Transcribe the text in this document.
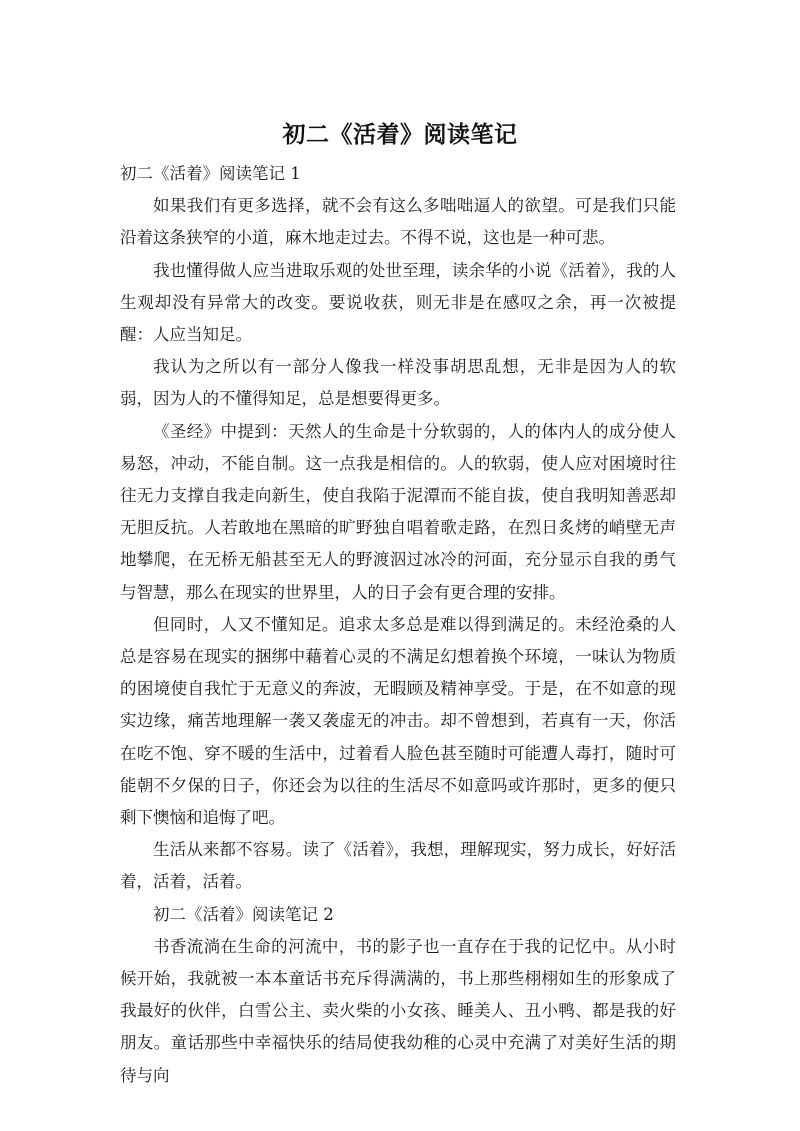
初二《活着》阅读笔记

初二《活着》阅读笔记 1

如果我们有更多选择，就不会有这么多咄咄逼人的欲望。可是我们只能沿着这条狭窄的小道，麻木地走过去。不得不说，这也是一种可悲。

我也懂得做人应当进取乐观的处世至理，读余华的小说《活着》，我的人生观却没有异常大的改变。要说收获，则无非是在感叹之余，再一次被提醒：人应当知足。

我认为之所以有一部分人像我一样没事胡思乱想，无非是因为人的软弱，因为人的不懂得知足，总是想要得更多。

《圣经》中提到：天然人的生命是十分软弱的，人的体内人的成分使人易怒，冲动，不能自制。这一点我是相信的。人的软弱，使人应对困境时往往无力支撑自我走向新生，使自我陷于泥潭而不能自拔，使自我明知善恶却无胆反抗。人若敢地在黑暗的旷野独自唱着歌走路，在烈日炙烤的峭壁无声地攀爬，在无桥无船甚至无人的野渡泅过冰冷的河面，充分显示自我的勇气与智慧，那么在现实的世界里，人的日子会有更合理的安排。

但同时，人又不懂知足。追求太多总是难以得到满足的。未经沧桑的人总是容易在现实的捆绑中藉着心灵的不满足幻想着换个环境，一味认为物质的困境使自我忙于无意义的奔波，无暇顾及精神享受。于是，在不如意的现实边缘，痛苦地理解一袭又袭虚无的冲击。却不曾想到，若真有一天，你活在吃不饱、穿不暖的生活中，过着看人脸色甚至随时可能遭人毒打，随时可能朝不夕保的日子，你还会为以往的生活尽不如意吗或许那时，更多的便只剩下懊恼和追悔了吧。

生活从来都不容易。读了《活着》，我想，理解现实，努力成长，好好活着，活着，活着。

初二《活着》阅读笔记 2

书香流淌在生命的河流中，书的影子也一直存在于我的记忆中。从小时候开始，我就被一本本童话书充斥得满满的，书上那些栩栩如生的形象成了我最好的伙伴，白雪公主、卖火柴的小女孩、睡美人、丑小鸭、都是我的好朋友。童话那些中幸福快乐的结局使我幼稚的心灵中充满了对美好生活的期待与向
